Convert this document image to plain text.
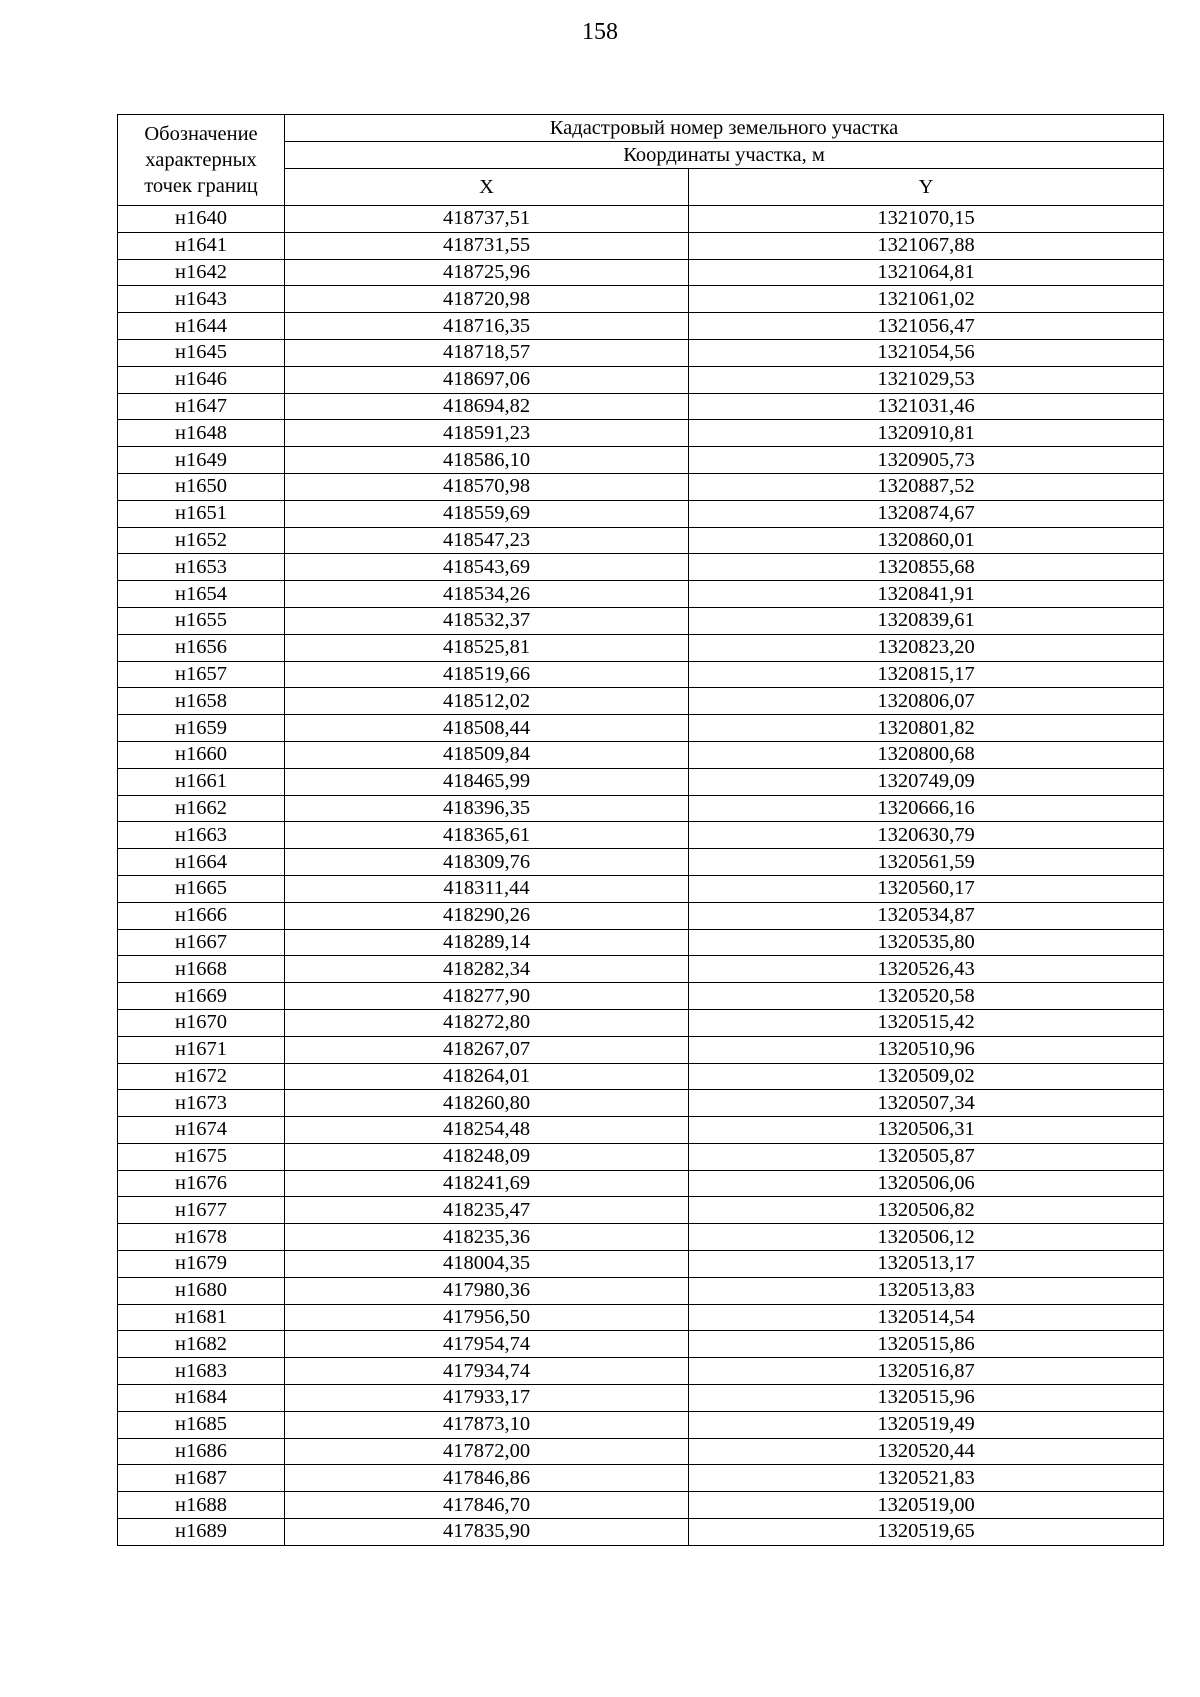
158
Обозначение
характерных
точек границ	Кадастровый номер земельного участка	
	Координаты участка, м	
	X	Y
н1640	418737,51	1321070,15
н1641	418731,55	1321067,88
н1642	418725,96	1321064,81
н1643	418720,98	1321061,02
н1644	418716,35	1321056,47
н1645	418718,57	1321054,56
н1646	418697,06	1321029,53
н1647	418694,82	1321031,46
н1648	418591,23	1320910,81
н1649	418586,10	1320905,73
н1650	418570,98	1320887,52
н1651	418559,69	1320874,67
н1652	418547,23	1320860,01
н1653	418543,69	1320855,68
н1654	418534,26	1320841,91
н1655	418532,37	1320839,61
н1656	418525,81	1320823,20
н1657	418519,66	1320815,17
н1658	418512,02	1320806,07
н1659	418508,44	1320801,82
н1660	418509,84	1320800,68
н1661	418465,99	1320749,09
н1662	418396,35	1320666,16
н1663	418365,61	1320630,79
н1664	418309,76	1320561,59
н1665	418311,44	1320560,17
н1666	418290,26	1320534,87
н1667	418289,14	1320535,80
н1668	418282,34	1320526,43
н1669	418277,90	1320520,58
н1670	418272,80	1320515,42
н1671	418267,07	1320510,96
н1672	418264,01	1320509,02
н1673	418260,80	1320507,34
н1674	418254,48	1320506,31
н1675	418248,09	1320505,87
н1676	418241,69	1320506,06
н1677	418235,47	1320506,82
н1678	418235,36	1320506,12
н1679	418004,35	1320513,17
н1680	417980,36	1320513,83
н1681	417956,50	1320514,54
н1682	417954,74	1320515,86
н1683	417934,74	1320516,87
н1684	417933,17	1320515,96
н1685	417873,10	1320519,49
н1686	417872,00	1320520,44
н1687	417846,86	1320521,83
н1688	417846,70	1320519,00
н1689	417835,90	1320519,65
